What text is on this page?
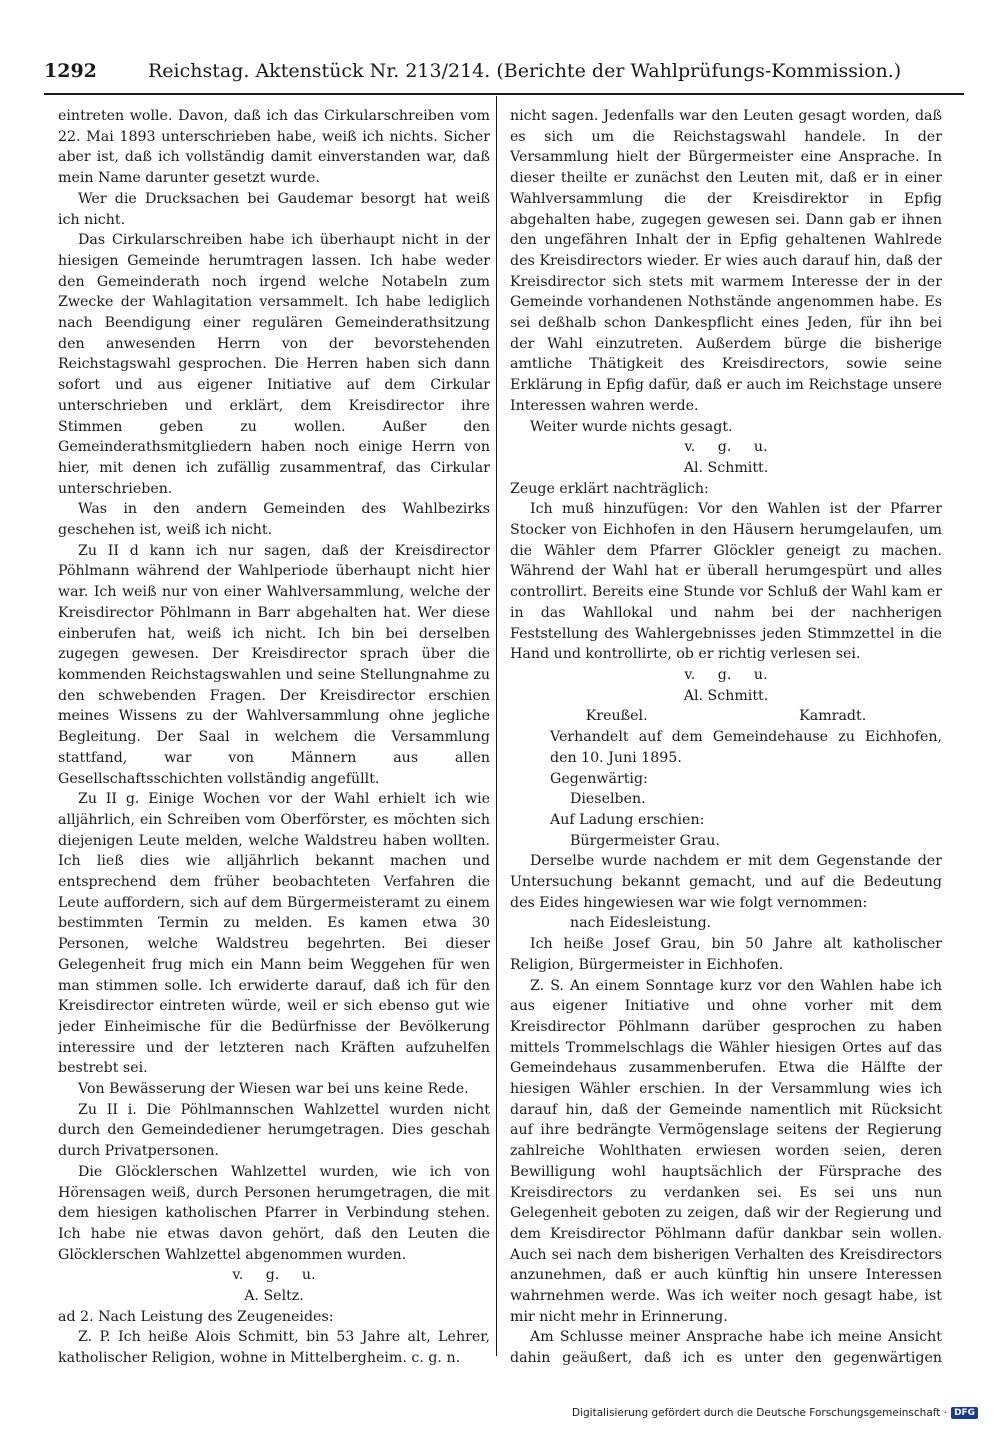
1292	Reichstag. Aktenstück Nr. 213/214. (Berichte der Wahlprüfungs-Kommission.)

eintreten wolle. Davon, daß ich das Cirkularschreiben vom 22. Mai 1893 unterschrieben habe, weiß ich nichts. Sicher aber ist, daß ich vollständig damit einverstanden war, daß mein Name darunter gesetzt wurde.

Wer die Drucksachen bei Gaudemar besorgt hat weiß ich nicht.

Das Cirkularschreiben habe ich überhaupt nicht in der hiesigen Gemeinde herumtragen lassen. Ich habe weder den Gemeinderath noch irgend welche Notabeln zum Zwecke der Wahlagitation versammelt. Ich habe lediglich nach Beendigung einer regulären Gemeinderathsitzung den anwesenden Herrn von der bevorstehenden Reichstagswahl gesprochen. Die Herren haben sich dann sofort und aus eigener Initiative auf dem Cirkular unterschrieben und erklärt, dem Kreisdirector ihre Stimmen geben zu wollen. Außer den Gemeinderathsmitgliedern haben noch einige Herrn von hier, mit denen ich zufällig zusammentraf, das Cirkular unterschrieben.

Was in den andern Gemeinden des Wahlbezirks geschehen ist, weiß ich nicht.

Zu II d kann ich nur sagen, daß der Kreisdirector Pöhlmann während der Wahlperiode überhaupt nicht hier war. Ich weiß nur von einer Wahlversammlung, welche der Kreisdirector Pöhlmann in Barr abgehalten hat. Wer diese einberufen hat, weiß ich nicht. Ich bin bei derselben zugegen gewesen. Der Kreisdirector sprach über die kommenden Reichstagswahlen und seine Stellungnahme zu den schwebenden Fragen. Der Kreisdirector erschien meines Wissens zu der Wahlversammlung ohne jegliche Begleitung. Der Saal in welchem die Versammlung stattfand, war von Männern aus allen Gesellschaftsschichten vollständig angefüllt.

Zu II g. Einige Wochen vor der Wahl erhielt ich wie alljährlich, ein Schreiben vom Oberförster, es möchten sich diejenigen Leute melden, welche Waldstreu haben wollten. Ich ließ dies wie alljährlich bekannt machen und entsprechend dem früher beobachteten Verfahren die Leute auffordern, sich auf dem Bürgermeisteramt zu einem bestimmten Termin zu melden. Es kamen etwa 30 Personen, welche Waldstreu begehrten. Bei dieser Gelegenheit frug mich ein Mann beim Weggehen für wen man stimmen solle. Ich erwiderte darauf, daß ich für den Kreisdirector eintreten würde, weil er sich ebenso gut wie jeder Einheimische für die Bedürfnisse der Bevölkerung interessire und der letzteren nach Kräften aufzuhelfen bestrebt sei.

Von Bewässerung der Wiesen war bei uns keine Rede.

Zu II i. Die Pöhlmannschen Wahlzettel wurden nicht durch den Gemeindediener herumgetragen. Dies geschah durch Privatpersonen.

Die Glöcklerschen Wahlzettel wurden, wie ich von Hörensagen weiß, durch Personen herumgetragen, die mit dem hiesigen katholischen Pfarrer in Verbindung stehen. Ich habe nie etwas davon gehört, daß den Leuten die Glöcklerschen Wahlzettel abgenommen wurden.

v.     g.     u.

A. Seltz.

ad 2. Nach Leistung des Zeugeneides:

Z. P. Ich heiße Alois Schmitt, bin 53 Jahre alt, Lehrer, katholischer Religion, wohne in Mittelbergheim. c. g. n.

nicht sagen. Jedenfalls war den Leuten gesagt worden, daß es sich um die Reichstagswahl handele. In der Versammlung hielt der Bürgermeister eine Ansprache. In dieser theilte er zunächst den Leuten mit, daß er in einer Wahlversammlung die der Kreisdirektor in Epfig abgehalten habe, zugegen gewesen sei. Dann gab er ihnen den ungefähren Inhalt der in Epfig gehaltenen Wahlrede des Kreisdirectors wieder. Er wies auch darauf hin, daß der Kreisdirector sich stets mit warmem Interesse der in der Gemeinde vorhandenen Nothstände angenommen habe. Es sei deßhalb schon Dankespflicht eines Jeden, für ihn bei der Wahl einzutreten. Außerdem bürge die bisherige amtliche Thätigkeit des Kreisdirectors, sowie seine Erklärung in Epfig dafür, daß er auch im Reichstage unsere Interessen wahren werde.

Weiter wurde nichts gesagt.

v.     g.     u.

Al. Schmitt.

Zeuge erklärt nachträglich:

Ich muß hinzufügen: Vor den Wahlen ist der Pfarrer Stocker von Eichhofen in den Häusern herumgelaufen, um die Wähler dem Pfarrer Glöckler geneigt zu machen. Während der Wahl hat er überall herumgespürt und alles controllirt. Bereits eine Stunde vor Schluß der Wahl kam er in das Wahllokal und nahm bei der nachherigen Feststellung des Wahlergebnisses jeden Stimmzettel in die Hand und kontrollirte, ob er richtig verlesen sei.

v.     g.     u.

Al. Schmitt.

Kreußel.	Kamradt.

Verhandelt auf dem Gemeindehause zu Eichhofen, den 10. Juni 1895.

Gegenwärtig:

Dieselben.

Auf Ladung erschien:

Bürgermeister Grau.

Derselbe wurde nachdem er mit dem Gegenstande der Untersuchung bekannt gemacht, und auf die Bedeutung des Eides hingewiesen war wie folgt vernommen:

nach Eidesleistung.

Ich heiße Josef Grau, bin 50 Jahre alt katholischer Religion, Bürgermeister in Eichhofen.

Z. S. An einem Sonntage kurz vor den Wahlen habe ich aus eigener Initiative und ohne vorher mit dem Kreisdirector Pöhlmann darüber gesprochen zu haben mittels Trommelschlags die Wähler hiesigen Ortes auf das Gemeindehaus zusammenberufen. Etwa die Hälfte der hiesigen Wähler erschien. In der Versammlung wies ich darauf hin, daß der Gemeinde namentlich mit Rücksicht auf ihre bedrängte Vermögenslage seitens der Regierung zahlreiche Wohlthaten erwiesen worden seien, deren Bewilligung wohl hauptsächlich der Fürsprache des Kreisdirectors zu verdanken sei. Es sei uns nun Gelegenheit geboten zu zeigen, daß wir der Regierung und dem Kreisdirector Pöhlmann dafür dankbar sein wollen. Auch sei nach dem bisherigen Verhalten des Kreisdirectors anzunehmen, daß er auch künftig hin unsere Interessen wahrnehmen werde. Was ich weiter noch gesagt habe, ist mir nicht mehr in Erinnerung.

Am Schlusse meiner Ansprache habe ich meine Ansicht dahin geäußert, daß ich es unter den gegenwärtigen

Digitalisierung gefördert durch die Deutsche Forschungsgemeinschaft · DFG
